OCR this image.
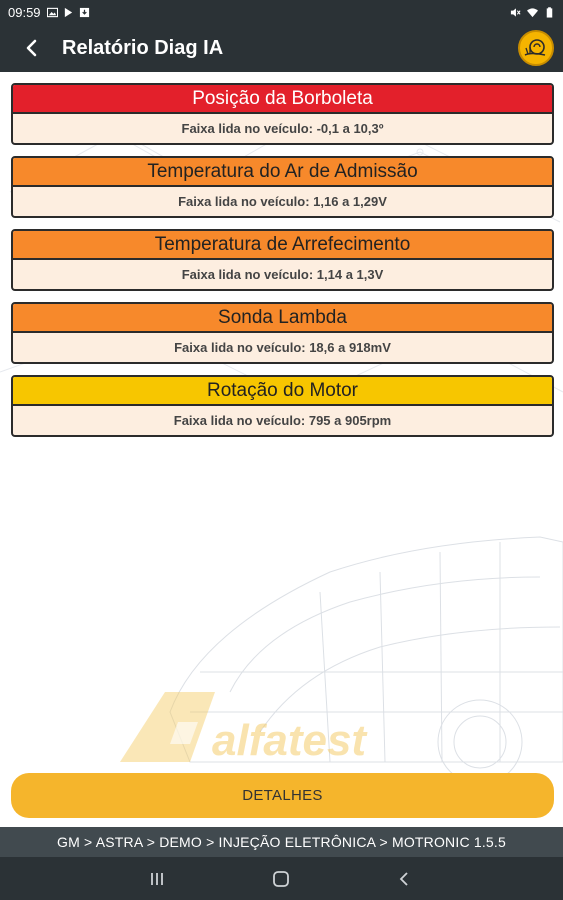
09:59
Relatório Diag IA
alfatest
Posição da Borboleta
Faixa lida no veículo: -0,1 a 10,3º
Temperatura do Ar de Admissão
Faixa lida no veículo: 1,16 a 1,29V
Temperatura de Arrefecimento
Faixa lida no veículo: 1,14 a 1,3V
Sonda Lambda
Faixa lida no veículo: 18,6 a 918mV
Rotação do Motor
Faixa lida no veículo: 795 a 905rpm
DETALHES
GM > ASTRA > DEMO > INJEÇÃO ELETRÔNICA > MOTRONIC 1.5.5
